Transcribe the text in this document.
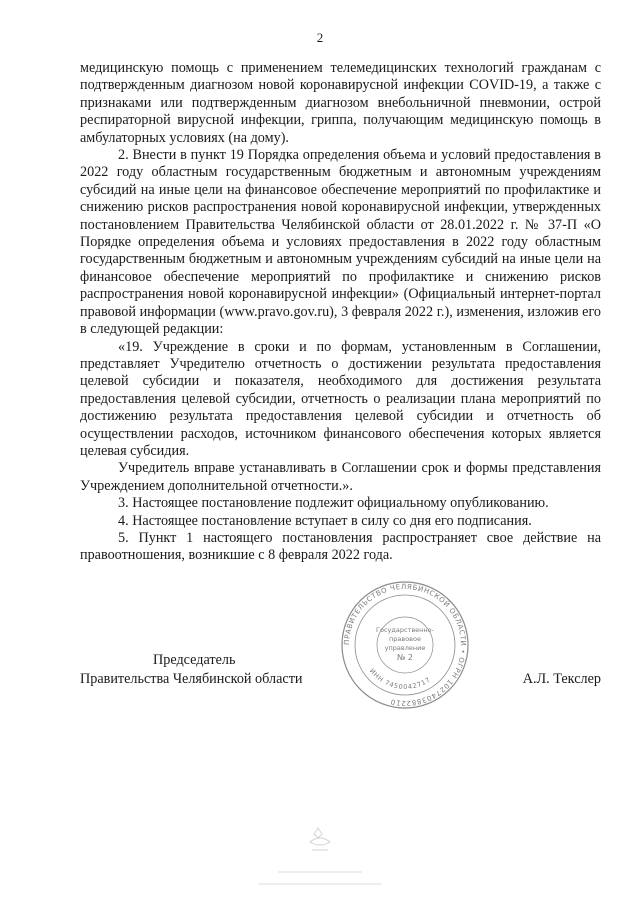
2

медицинскую помощь с применением телемедицинских технологий гражданам с подтвержденным диагнозом новой коронавирусной инфекции COVID-19, а также с признаками или подтвержденным диагнозом внебольничной пневмонии, острой респираторной вирусной инфекции, гриппа, получающим медицинскую помощь в амбулаторных условиях (на дому).

2. Внести в пункт 19 Порядка определения объема и условий предоставления в 2022 году областным государственным бюджетным и автономным учреждениям субсидий на иные цели на финансовое обеспечение мероприятий по профилактике и снижению рисков распространения новой коронавирусной инфекции, утвержденных постановлением Правительства Челябинской области от 28.01.2022 г. № 37-П «О Порядке определения объема и условиях предоставления в 2022 году областным государственным бюджетным и автономным учреждениям субсидий на иные цели на финансовое обеспечение мероприятий по профилактике и снижению рисков распространения новой коронавирусной инфекции» (Официальный интернет-портал правовой информации (www.pravo.gov.ru), 3 февраля 2022 г.), изменения, изложив его в следующей редакции:

«19. Учреждение в сроки и по формам, установленным в Соглашении, представляет Учредителю отчетность о достижении результата предоставления целевой субсидии и показателя, необходимого для достижения результата предоставления целевой субсидии, отчетность о реализации плана мероприятий по достижению результата предоставления целевой субсидии и отчетность об осуществлении расходов, источником финансового обеспечения которых является целевая субсидия.

Учредитель вправе устанавливать в Соглашении срок и формы представления Учреждением дополнительной отчетности.».

3. Настоящее постановление подлежит официальному опубликованию.

4. Настоящее постановление вступает в силу со дня его подписания.

5. Пункт 1 настоящего постановления распространяет свое действие на правоотношения, возникшие с 8 февраля 2022 года.

ПРАВИТЕЛЬСТВО ЧЕЛЯБИНСКОЙ ОБЛАСТИ • ОГРН 1027403882210
ИНН 7450042717
Государственно-
правовое
управление
№ 2
Председатель
Правительства Челябинской области	А.Л. Текслер
